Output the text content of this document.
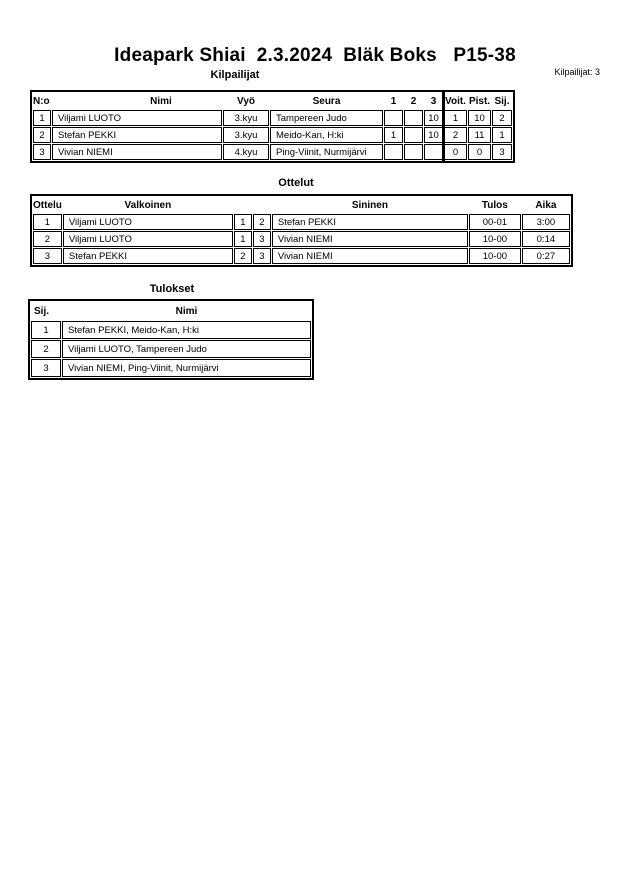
Ideapark Shiai  2.3.2024  Bläk Boks   P15-38
Kilpailijat: 3
Kilpailijat
N:o	Nimi	Vyö	Seura	1	2	3	Voit.	Pist.	Sij.
1	Viljami LUOTO	3.kyu	Tampereen Judo			10	1	10	2
2	Stefan PEKKI	3.kyu	Meido-Kan, H:ki	1		10	2	11	1
3	Vivian NIEMI	4.kyu	Ping-Viinit, Nurmijärvi				0	0	3
Ottelut
Ottelu	Valkoinen			Sininen	Tulos	Aika
1	Viljami LUOTO	1	2	Stefan PEKKI	00-01	3:00
2	Viljami LUOTO	1	3	Vivian NIEMI	10-00	0:14
3	Stefan PEKKI	2	3	Vivian NIEMI	10-00	0:27
Tulokset
Sij.	Nimi
1	Stefan PEKKI, Meido-Kan, H:ki
2	Viljami LUOTO, Tampereen Judo
3	Vivian NIEMI, Ping-Viinit, Nurmijärvi
